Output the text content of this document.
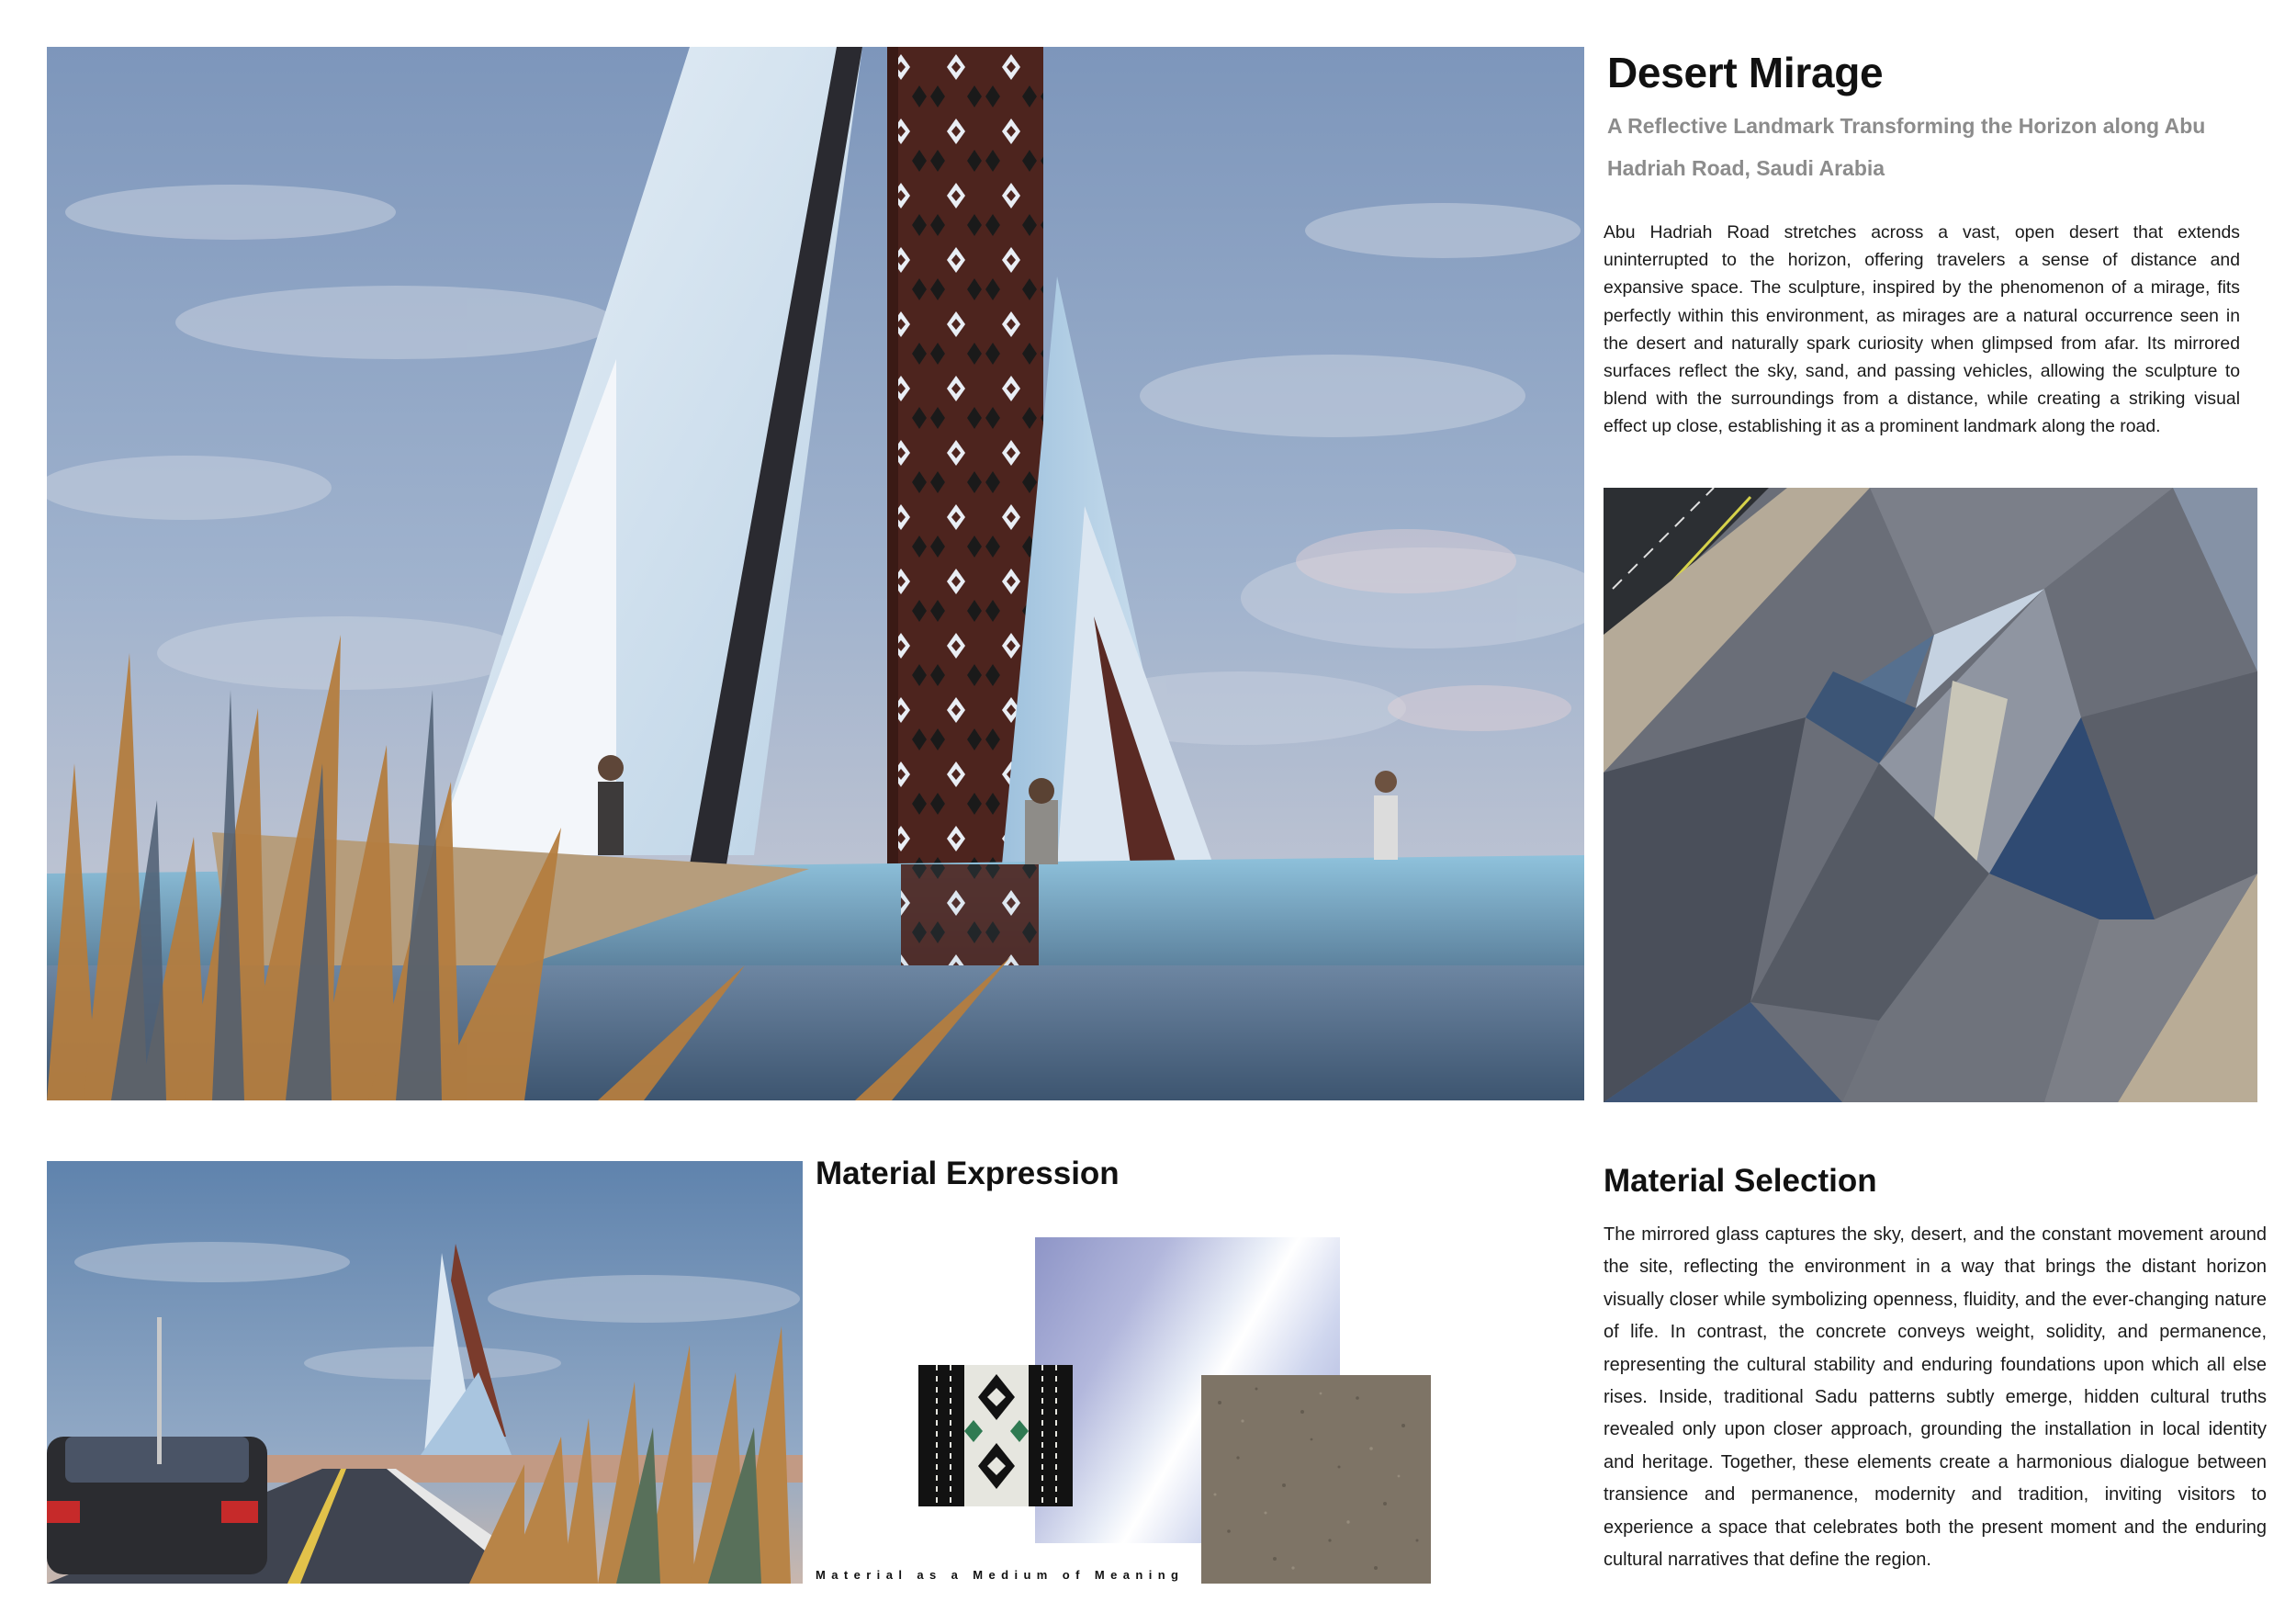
Desert Mirage
A Reflective Landmark Transforming the Horizon along Abu Hadriah Road, Saudi Arabia
Abu Hadriah Road stretches across a vast, open desert that extends uninterrupted to the horizon, offering travelers a sense of distance and expansive space. The sculpture, inspired by the phenomenon of a mirage, fits perfectly within this environment, as mirages are a natural occurrence seen in the desert and naturally spark curiosity when glimpsed from afar. Its mirrored surfaces reflect the sky, sand, and passing vehicles, allowing the sculpture to blend with the surroundings from a distance, while creating a striking visual effect up close, establishing it as a prominent landmark along the road.
Material Expression
Material as a Medium of Meaning
Material Selection
The mirrored glass captures the sky, desert, and the constant movement around the site, reflecting the environment in a way that brings the distant horizon visually closer while symbolizing openness, fluidity, and the ever-changing nature of life. In contrast, the concrete conveys weight, solidity, and permanence, representing the cultural stability and enduring foundations upon which all else rises. Inside, traditional Sadu patterns subtly emerge, hidden cultural truths revealed only upon closer approach, grounding the installation in local identity and heritage. Together, these elements create a harmonious dialogue between transience and permanence, modernity and tradition, inviting visitors to experience a space that celebrates both the present moment and the enduring cultural narratives that define the region.
